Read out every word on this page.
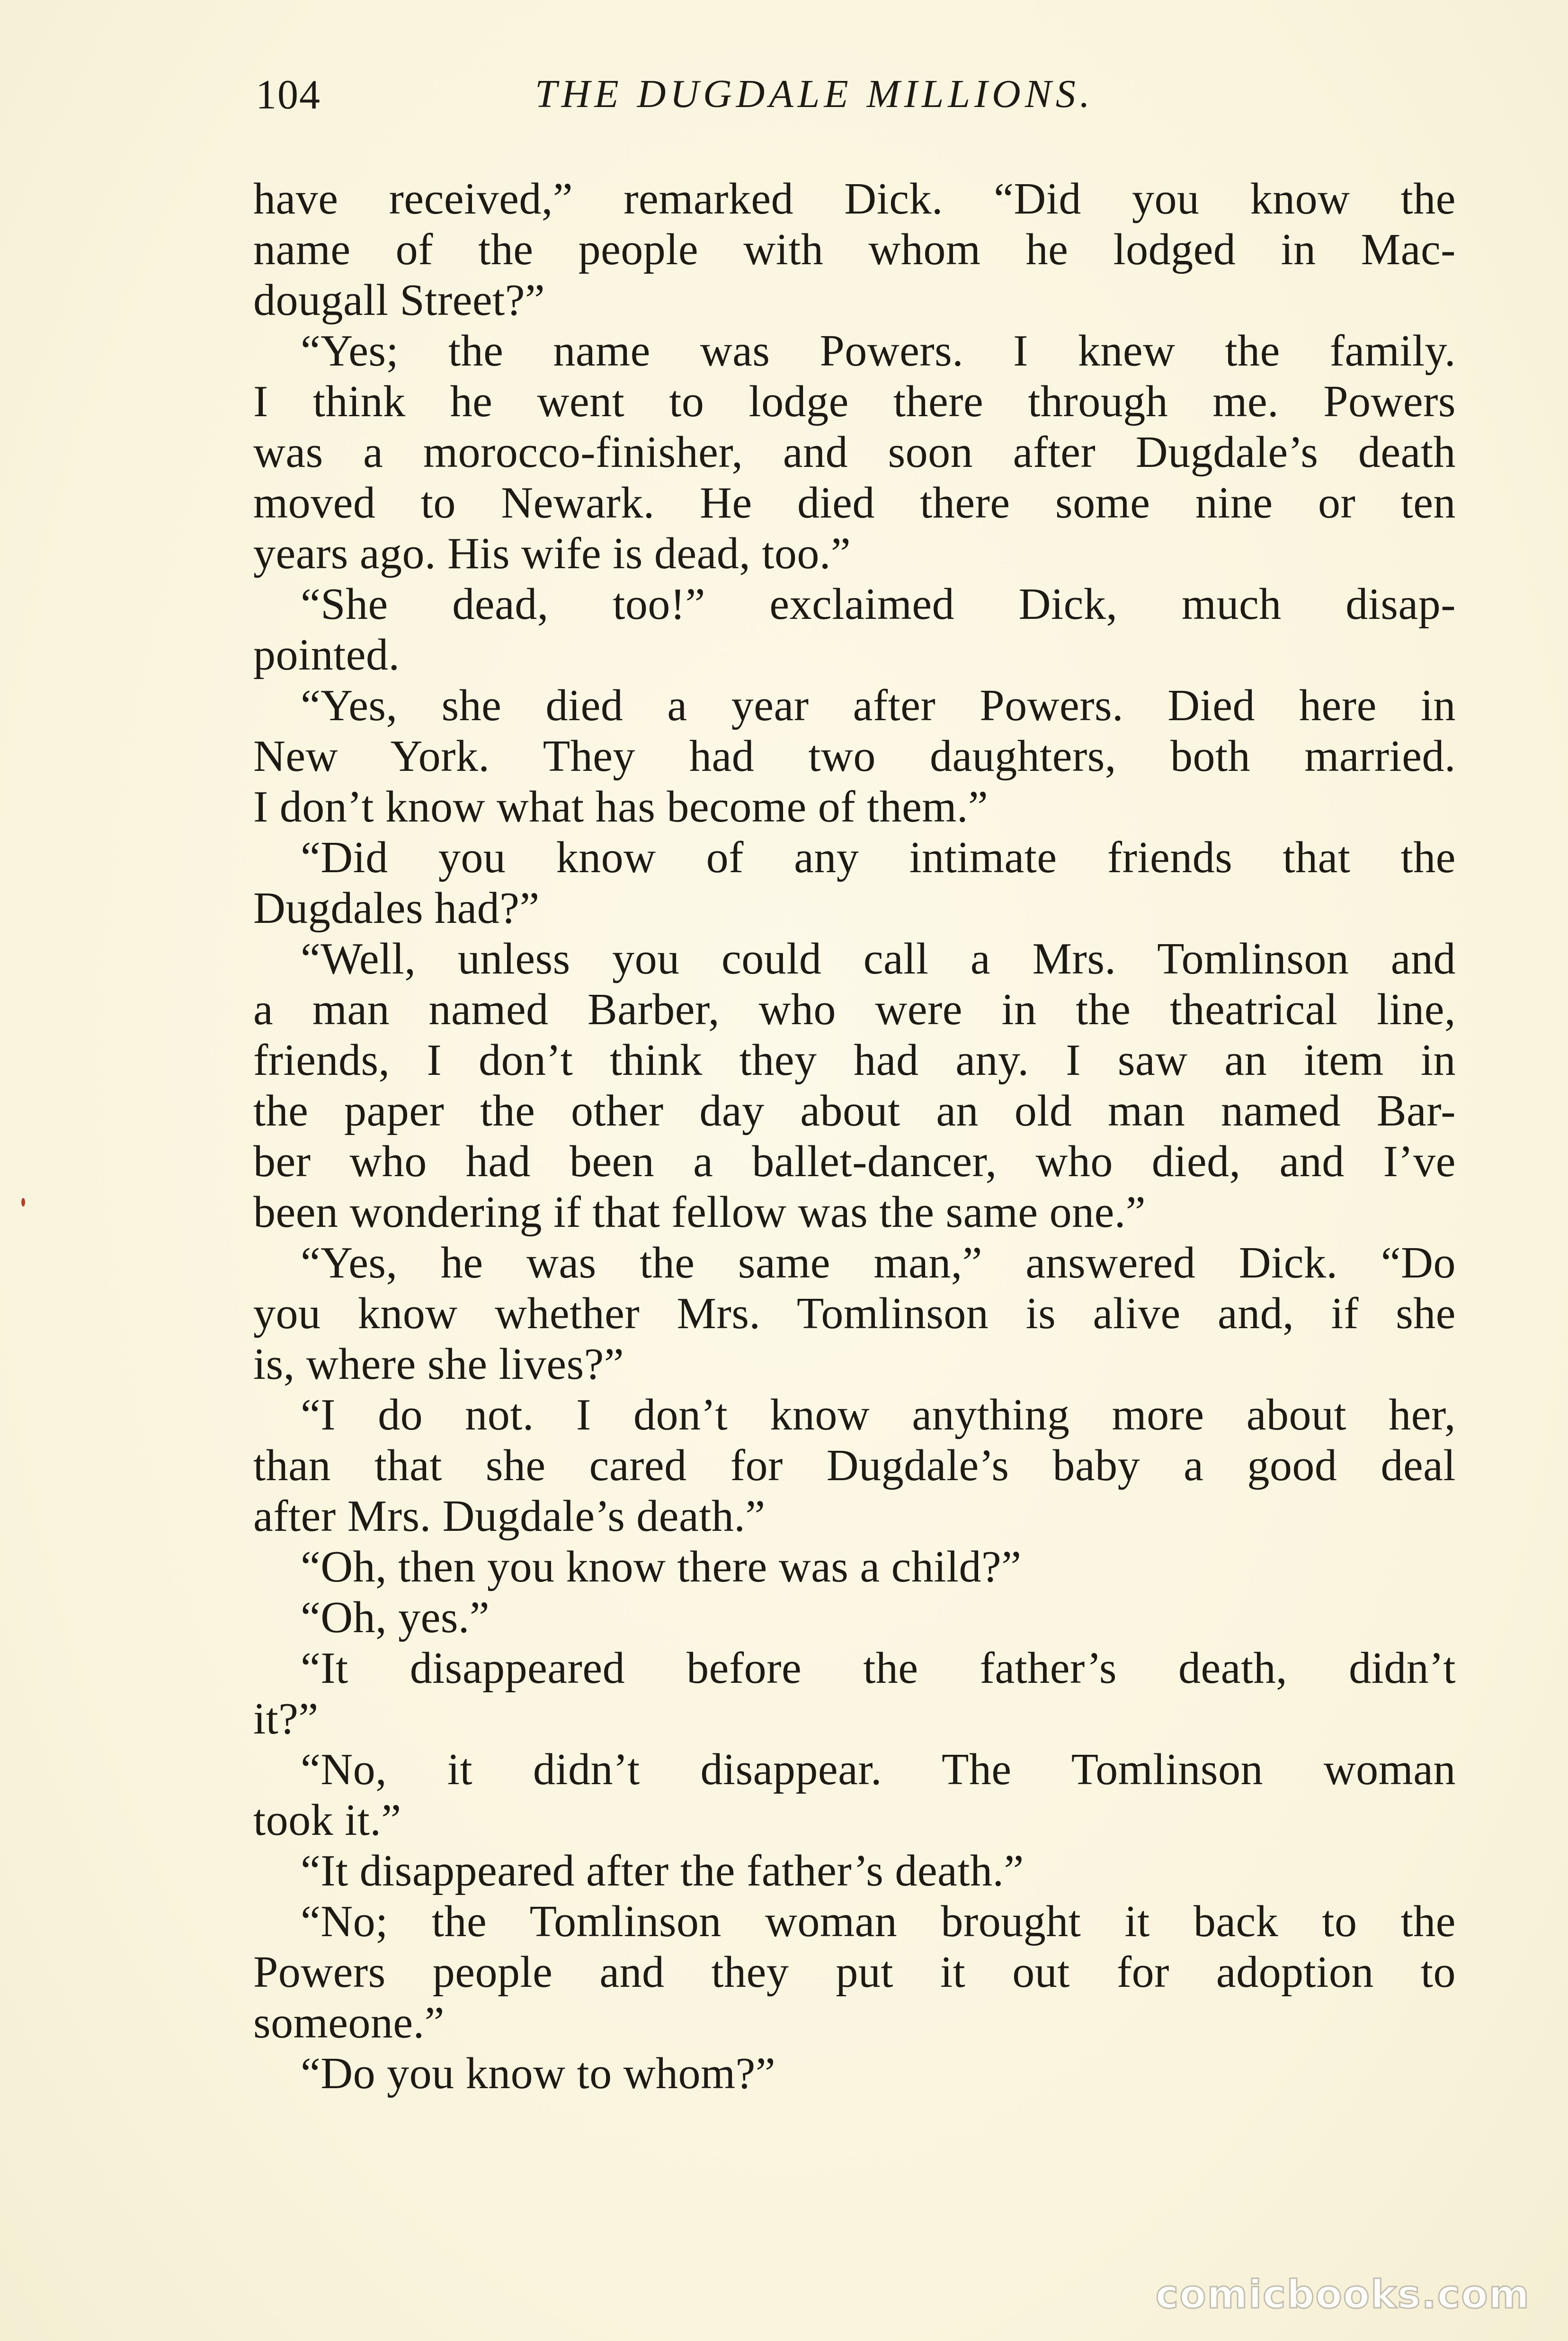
104	THE DUGDALE MILLIONS.
have received,” remarked Dick. “Did you know the
name of the people with whom he lodged in Mac-
dougall Street?”
“Yes; the name was Powers. I knew the family.
I think he went to lodge there through me. Powers
was a morocco-finisher, and soon after Dugdale’s death
moved to Newark. He died there some nine or ten
years ago. His wife is dead, too.”
“She dead, too!” exclaimed Dick, much disap-
pointed.
“Yes, she died a year after Powers. Died here in
New York. They had two daughters, both married.
I don’t know what has become of them.”
“Did you know of any intimate friends that the
Dugdales had?”
“Well, unless you could call a Mrs. Tomlinson and
a man named Barber, who were in the theatrical line,
friends, I don’t think they had any. I saw an item in
the paper the other day about an old man named Bar-
ber who had been a ballet-dancer, who died, and I’ve
been wondering if that fellow was the same one.”
“Yes, he was the same man,” answered Dick. “Do
you know whether Mrs. Tomlinson is alive and, if she
is, where she lives?”
“I do not. I don’t know anything more about her,
than that she cared for Dugdale’s baby a good deal
after Mrs. Dugdale’s death.”
“Oh, then you know there was a child?”
“Oh, yes.”
“It disappeared before the father’s death, didn’t
it?”
“No, it didn’t disappear. The Tomlinson woman
took it.”
“It disappeared after the father’s death.”
“No; the Tomlinson woman brought it back to the
Powers people and they put it out for adoption to
someone.”
“Do you know to whom?”
comicbooks.com
